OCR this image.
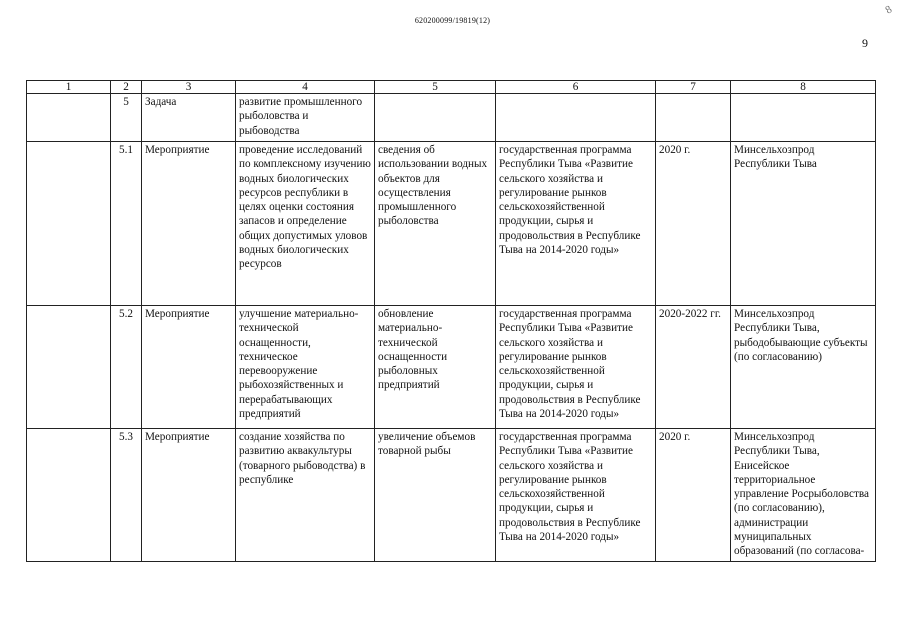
620200099/19819(12)
9
8
1	2	3	4	5	6	7	8
	5	Задача	развитие промышленного рыболовства и рыбоводства				
	5.1	Мероприятие	проведение исследований по комплексному изучению водных биологических ресурсов республики в целях оценки состояния запасов и определение общих допустимых уловов водных биологических ресурсов	сведения об использовании водных объектов для осуществления промышленного рыболовства	государственная программа Республики Тыва «Развитие сельского хозяйства и регулирование рынков сельскохозяйственной продукции, сырья и продовольствия в Республике Тыва на 2014-2020 годы»	2020 г.	Минсельхозпрод Республики Тыва
	5.2	Мероприятие	улучшение материально-технической оснащенности, техническое перевооружение рыбохозяйственных и перерабатывающих предприятий	обновление материально-технической оснащенности рыболовных предприятий	государственная программа Республики Тыва «Развитие сельского хозяйства и регулирование рынков сельскохозяйственной продукции, сырья и продовольствия в Республике Тыва на 2014-2020 годы»	2020-2022 гг.	Минсельхозпрод Республики Тыва, рыбодобывающие субъекты (по согласованию)
	5.3	Мероприятие	создание хозяйства по развитию аквакультуры (товарного рыбоводства) в республике	увеличение объемов товарной рыбы	государственная программа Республики Тыва «Развитие сельского хозяйства и регулирование рынков сельскохозяйственной продукции, сырья и продовольствия в Республике Тыва на 2014-2020 годы»	2020 г.	Минсельхозпрод Республики Тыва, Енисейское территориальное управление Росрыболовства (по согласованию), администрации муниципальных образований (по согласова-
